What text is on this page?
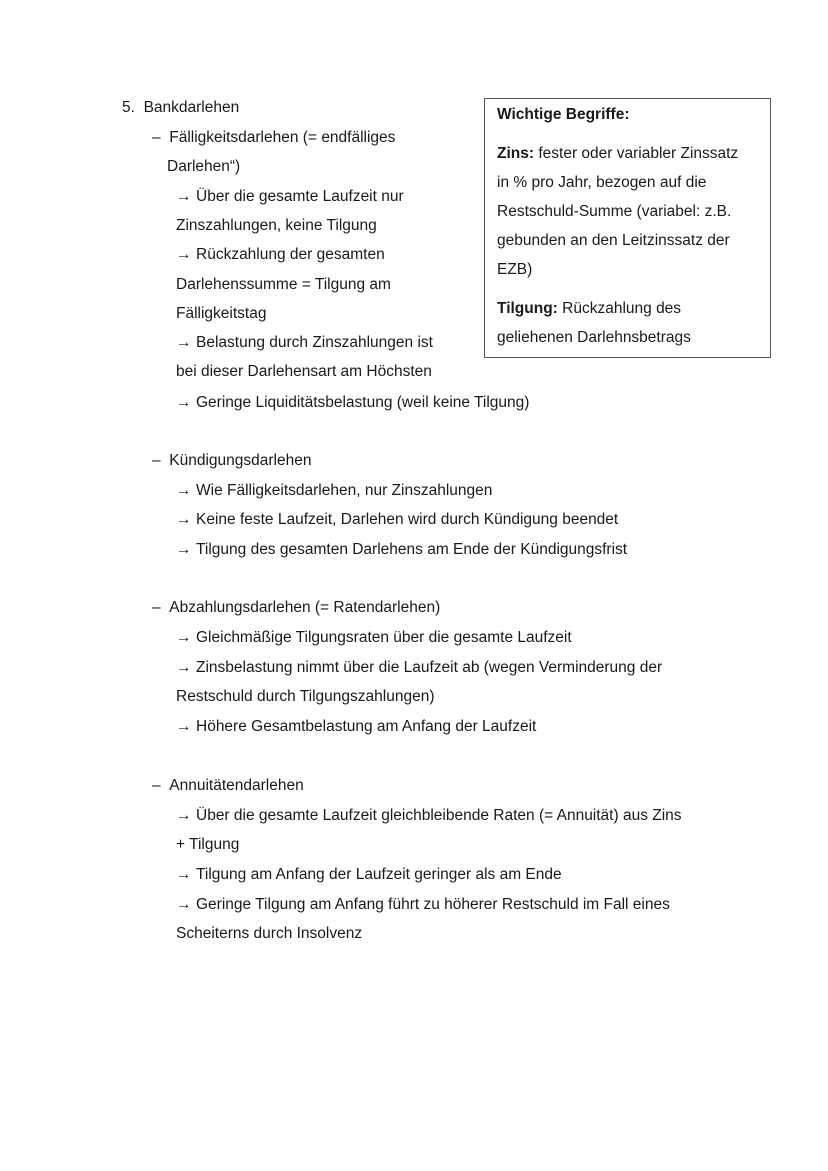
5. Bankdarlehen
– Fälligkeitsdarlehen (= endfälliges
Darlehen“)
→ Über die gesamte Laufzeit nur
Zinszahlungen, keine Tilgung
→ Rückzahlung der gesamten
Darlehenssumme = Tilgung am
Fälligkeitstag
→ Belastung durch Zinszahlungen ist
bei dieser Darlehensart am Höchsten
→ Geringe Liquiditätsbelastung (weil keine Tilgung)
– Kündigungsdarlehen
→ Wie Fälligkeitsdarlehen, nur Zinszahlungen
→ Keine feste Laufzeit, Darlehen wird durch Kündigung beendet
→ Tilgung des gesamten Darlehens am Ende der Kündigungsfrist
– Abzahlungsdarlehen (= Ratendarlehen)
→ Gleichmäßige Tilgungsraten über die gesamte Laufzeit
→ Zinsbelastung nimmt über die Laufzeit ab (wegen Verminderung der
Restschuld durch Tilgungszahlungen)
→ Höhere Gesamtbelastung am Anfang der Laufzeit
– Annuitätendarlehen
→ Über die gesamte Laufzeit gleichbleibende Raten (= Annuität) aus Zins
+ Tilgung
→ Tilgung am Anfang der Laufzeit geringer als am Ende
→ Geringe Tilgung am Anfang führt zu höherer Restschuld im Fall eines
Scheiterns durch Insolvenz
Wichtige Begriffe:
Zins: fester oder variabler Zinssatz
in % pro Jahr, bezogen auf die
Restschuld-Summe (variabel: z.B.
gebunden an den Leitzinssatz der
EZB)
Tilgung: Rückzahlung des
geliehenen Darlehnsbetrags
